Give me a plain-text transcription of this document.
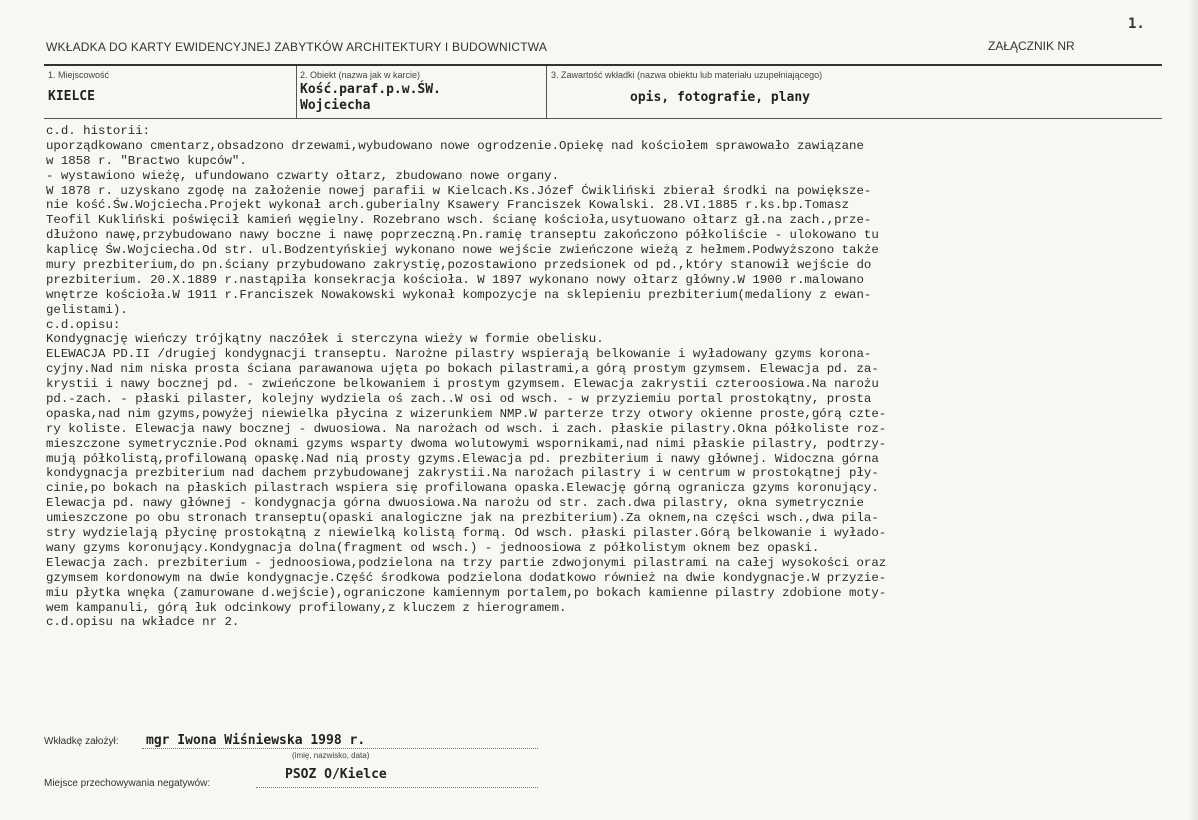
1.
WKŁADKA DO KARTY EWIDENCYJNEJ ZABYTKÓW ARCHITEKTURY I BUDOWNICTWA	ZAŁĄCZNIK NR
1. Miejscowość
KIELCE
2. Obiekt (nazwa jak w karcie)
Kość.paraf.p.w.ŚW.
Wojciecha
3. Zawartość wkładki (nazwa obiektu lub materiału uzupełniającego)
opis, fotografie, plany
c.d. historii:
uporządkowano cmentarz,obsadzono drzewami,wybudowano nowe ogrodzenie.Opiekę nad kościołem sprawowało zawiązane
w 1858 r. "Bractwo kupców".
- wystawiono wieżę, ufundowano czwarty ołtarz, zbudowano nowe organy.
W 1878 r. uzyskano zgodę na założenie nowej parafii w Kielcach.Ks.Józef Ćwikliński zbierał środki na powiększe-
nie kość.Św.Wojciecha.Projekt wykonał arch.guberialny Ksawery Franciszek Kowalski. 28.VI.1885 r.ks.bp.Tomasz
Teofil Kukliński poświęcił kamień węgielny. Rozebrano wsch. ścianę kościoła,usytuowano ołtarz gł.na zach.,prze-
dłużono nawę,przybudowano nawy boczne i nawę poprzeczną.Pn.ramię transeptu zakończono półkoliście - ulokowano tu
kaplicę Św.Wojciecha.Od str. ul.Bodzentyńskiej wykonano nowe wejście zwieńczone wieżą z hełmem.Podwyższono także
mury prezbiterium,do pn.ściany przybudowano zakrystię,pozostawiono przedsionek od pd.,który stanowił wejście do
prezbiterium. 20.X.1889 r.nastąpiła konsekracja kościoła. W 1897 wykonano nowy ołtarz główny.W 1900 r.malowano
wnętrze kościoła.W 1911 r.Franciszek Nowakowski wykonał kompozycje na sklepieniu prezbiterium(medaliony z ewan-
gelistami).
c.d.opisu:
Kondygnację wieńczy trójkątny naczółek i sterczyna wieży w formie obelisku.
ELEWACJA PD.II /drugiej kondygnacji transeptu. Narożne pilastry wspierają belkowanie i wyładowany gzyms korona-
cyjny.Nad nim niska prosta ściana parawanowa ujęta po bokach pilastrami,a górą prostym gzymsem. Elewacja pd. za-
krystii i nawy bocznej pd. - zwieńczone belkowaniem i prostym gzymsem. Elewacja zakrystii czteroosiowa.Na narożu
pd.-zach. - płaski pilaster, kolejny wydziela oś zach..W osi od wsch. - w przyziemiu portal prostokątny, prosta
opaska,nad nim gzyms,powyżej niewielka płycina z wizerunkiem NMP.W parterze trzy otwory okienne proste,górą czte-
ry koliste. Elewacja nawy bocznej - dwuosiowa. Na narożach od wsch. i zach. płaskie pilastry.Okna półkoliste roz-
mieszczone symetrycznie.Pod oknami gzyms wsparty dwoma wolutowymi wspornikami,nad nimi płaskie pilastry, podtrzy-
mują półkolistą,profilowaną opaskę.Nad nią prosty gzyms.Elewacja pd. prezbiterium i nawy głównej. Widoczna górna
kondygnacja prezbiterium nad dachem przybudowanej zakrystii.Na narożach pilastry i w centrum w prostokątnej pły-
cinie,po bokach na płaskich pilastrach wspiera się profilowana opaska.Elewację górną ogranicza gzyms koronujący.
Elewacja pd. nawy głównej - kondygnacja górna dwuosiowa.Na narożu od str. zach.dwa pilastry, okna symetrycznie
umieszczone po obu stronach transeptu(opaski analogiczne jak na prezbiterium).Za oknem,na części wsch.,dwa pila-
stry wydzielają płycinę prostokątną z niewielką kolistą formą. Od wsch. płaski pilaster.Górą belkowanie i wyłado-
wany gzyms koronujący.Kondygnacja dolna(fragment od wsch.) - jednoosiowa z półkolistym oknem bez opaski.
Elewacja zach. prezbiterium - jednoosiowa,podzielona na trzy partie zdwojonymi pilastrami na całej wysokości oraz
gzymsem kordonowym na dwie kondygnacje.Część środkowa podzielona dodatkowo również na dwie kondygnacje.W przyzie-
miu płytka wnęka (zamurowane d.wejście),ograniczone kamiennym portalem,po bokach kamienne pilastry zdobione moty-
wem kampanuli, górą łuk odcinkowy profilowany,z kluczem z hierogramem.
c.d.opisu na wkładce nr 2.
Wkładkę założył: mgr Iwona Wiśniewska 1998 r.
(imię, nazwisko, data)
Miejsce przechowywania negatywów:
PSOZ O/Kielce
